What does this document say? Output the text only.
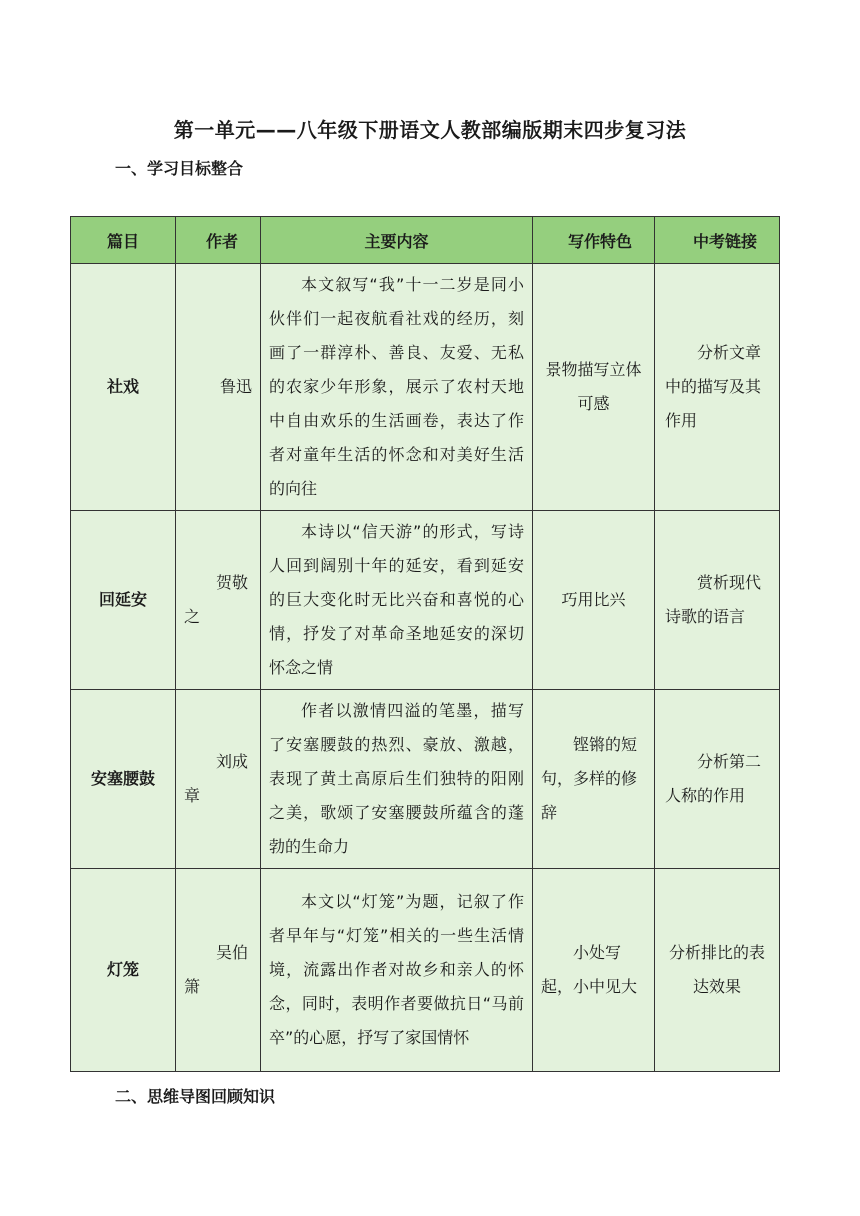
第一单元——八年级下册语文人教部编版期末四步复习法
一、学习目标整合
篇目	作者	主要内容	写作特色	中考链接
社戏	鲁迅	本文叙写“我”十一二岁是同小伙伴们一起夜航看社戏的经历，刻画了一群淳朴、善良、友爱、无私的农家少年形象，展示了农村天地中自由欢乐的生活画卷，表达了作者对童年生活的怀念和对美好生活的向往	景物描写立体可感	分析文章中的描写及其作用
回延安	贺敬之	本诗以“信天游”的形式，写诗人回到阔别十年的延安，看到延安的巨大变化时无比兴奋和喜悦的心情，抒发了对革命圣地延安的深切怀念之情	巧用比兴	赏析现代诗歌的语言
安塞腰鼓	刘成章	作者以激情四溢的笔墨，描写了安塞腰鼓的热烈、豪放、激越，表现了黄土高原后生们独特的阳刚之美，歌颂了安塞腰鼓所蕴含的蓬勃的生命力	铿锵的短句，多样的修辞	分析第二人称的作用
灯笼	吴伯箫	本文以“灯笼”为题，记叙了作者早年与“灯笼”相关的一些生活情境，流露出作者对故乡和亲人的怀念，同时，表明作者要做抗日“马前卒”的心愿，抒写了家国情怀	小处写起，小中见大	分析排比的表达效果
二、思维导图回顾知识
